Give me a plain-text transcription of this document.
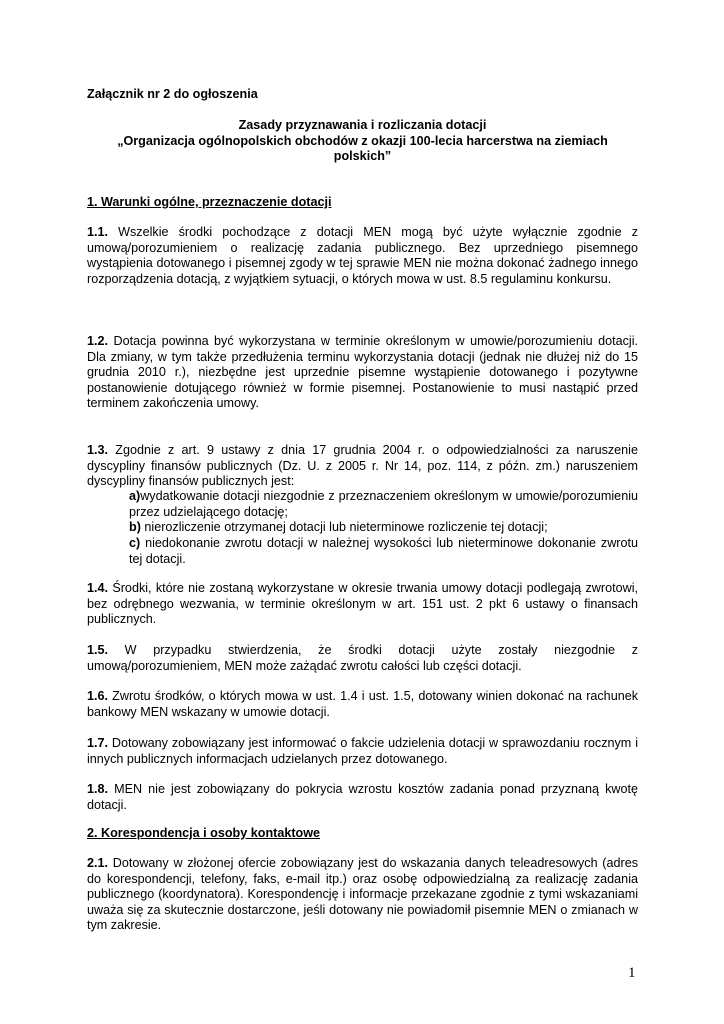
Załącznik nr 2 do ogłoszenia

Zasady przyznawania i rozliczania dotacji
„Organizacja ogólnopolskich obchodów z okazji 100-lecia harcerstwa na ziemiach
polskich”

1. Warunki ogólne, przeznaczenie dotacji

1.1. Wszelkie środki pochodzące z dotacji MEN mogą być użyte wyłącznie zgodnie z umową/porozumieniem o realizację zadania publicznego. Bez uprzedniego pisemnego wystąpienia dotowanego i pisemnej zgody w tej sprawie MEN nie można dokonać żadnego innego rozporządzenia dotacją, z wyjątkiem sytuacji, o których mowa w ust. 8.5 regulaminu konkursu.

1.2. Dotacja powinna być wykorzystana w terminie określonym w umowie/porozumieniu dotacji. Dla zmiany, w tym także przedłużenia terminu wykorzystania dotacji (jednak nie dłużej niż do 15 grudnia 2010 r.), niezbędne jest uprzednie pisemne wystąpienie dotowanego i pozytywne postanowienie dotującego również w formie pisemnej. Postanowienie to musi nastąpić przed terminem zakończenia umowy.

1.3. Zgodnie z art. 9 ustawy z dnia 17 grudnia 2004 r. o odpowiedzialności za naruszenie dyscypliny finansów publicznych (Dz. U. z 2005 r. Nr 14, poz. 114, z późn. zm.) naruszeniem dyscypliny finansów publicznych jest:

a)wydatkowanie dotacji niezgodnie z przeznaczeniem określonym w umowie/porozumieniu przez udzielającego dotację;

b) nierozliczenie otrzymanej dotacji lub nieterminowe rozliczenie tej dotacji;

c) niedokonanie zwrotu dotacji w należnej wysokości lub nieterminowe dokonanie zwrotu tej dotacji.

1.4. Środki, które nie zostaną wykorzystane w okresie trwania umowy dotacji podlegają zwrotowi, bez odrębnego wezwania, w terminie określonym w art. 151 ust. 2 pkt 6 ustawy o finansach publicznych.

1.5. W przypadku stwierdzenia, że środki dotacji użyte zostały niezgodnie z umową/porozumieniem, MEN może zażądać zwrotu całości lub części dotacji.

1.6. Zwrotu środków, o których mowa w ust. 1.4 i ust. 1.5, dotowany winien dokonać na rachunek bankowy MEN wskazany w umowie dotacji.

1.7. Dotowany zobowiązany jest informować o fakcie udzielenia dotacji w sprawozdaniu rocznym i innych publicznych informacjach udzielanych przez dotowanego.

1.8. MEN nie jest zobowiązany do pokrycia wzrostu kosztów zadania ponad przyznaną kwotę dotacji.

2. Korespondencja i osoby kontaktowe

2.1. Dotowany w złożonej ofercie zobowiązany jest do wskazania danych teleadresowych (adres do korespondencji, telefony, faks, e-mail itp.) oraz osobę odpowiedzialną za realizację zadania publicznego (koordynatora). Korespondencję i informacje przekazane zgodnie z tymi wskazaniami uważa się za skutecznie dostarczone, jeśli dotowany nie powiadomił pisemnie MEN o zmianach w tym zakresie.

1
